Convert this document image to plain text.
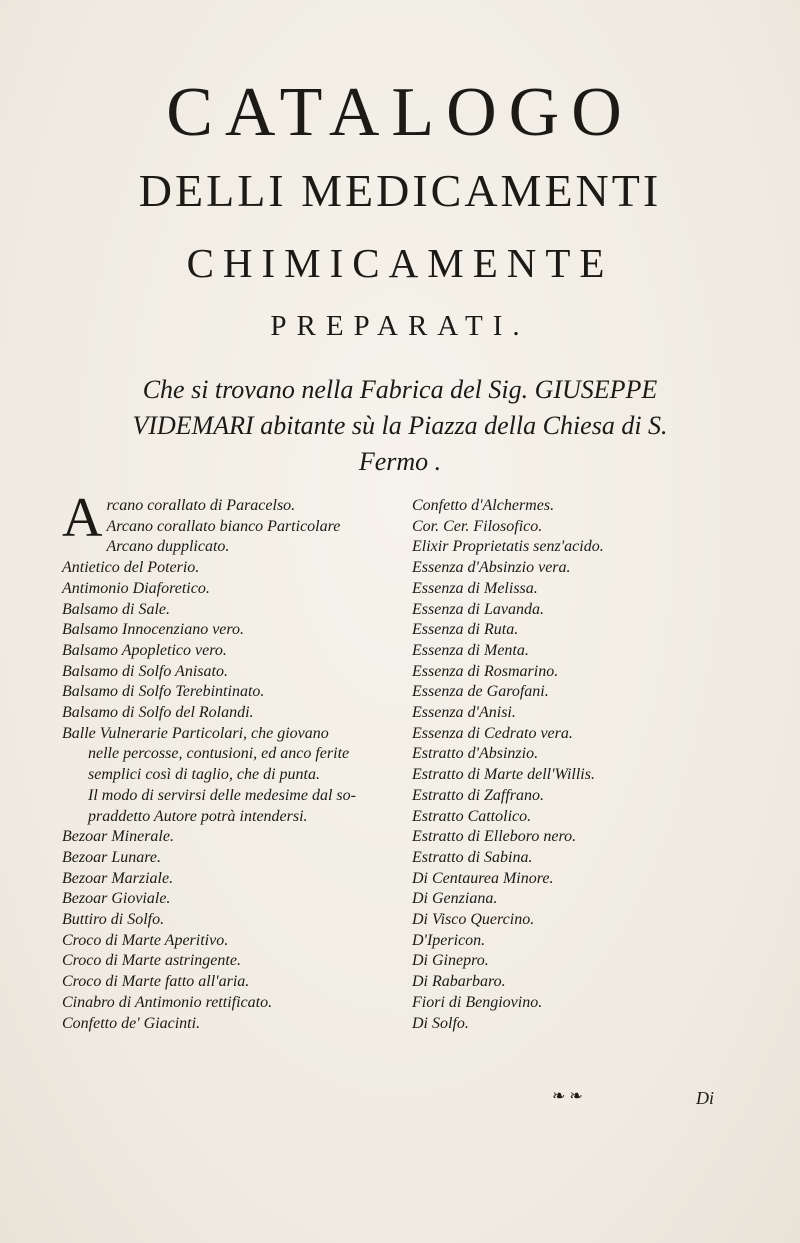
CATALOGO
DELLI MEDICAMENTI
CHIMICAMENTE
PREPARATI.
Che si trovano nella Fabrica del Sig. GIUSEPPE VIDEMARI abitante sù la Piazza della Chiesa di S. Fermo .

Arcano corallato di Paracelso.

Arcano corallato bianco Particolare

Arcano dupplicato.

Antietico del Poterio.

Antimonio Diaforetico.

Balsamo di Sale.

Balsamo Innocenziano vero.

Balsamo Apopletico vero.

Balsamo di Solfo Anisato.

Balsamo di Solfo Terebintinato.

Balsamo di Solfo del Rolandi.

Balle Vulnerarie Particolari, che giovano

nelle percosse, contusioni, ed anco ferite

semplici così di taglio, che di punta.

Il modo di servirsi delle medesime dal so-

praddetto Autore potrà intendersi.

Bezoar Minerale.

Bezoar Lunare.

Bezoar Marziale.

Bezoar Gioviale.

Buttiro di Solfo.

Croco di Marte Aperitivo.

Croco di Marte astringente.

Croco di Marte fatto all'aria.

Cinabro di Antimonio rettificato.

Confetto de' Giacinti.

Confetto d'Alchermes.

Cor. Cer. Filosofico.

Elixir Proprietatis senz'acido.

Essenza d'Absinzio vera.

Essenza di Melissa.

Essenza di Lavanda.

Essenza di Ruta.

Essenza di Menta.

Essenza di Rosmarino.

Essenza de Garofani.

Essenza d'Anisi.

Essenza di Cedrato vera.

Estratto d'Absinzio.

Estratto di Marte dell'Willis.

Estratto di Zaffrano.

Estratto Cattolico.

Estratto di Elleboro nero.

Estratto di Sabina.

Di Centaurea Minore.

Di Genziana.

Di Visco Quercino.

D'Ipericon.

Di Ginepro.

Di Rabarbaro.

Fiori di Bengiovino.

Di Solfo.

❧ ❧	Di
